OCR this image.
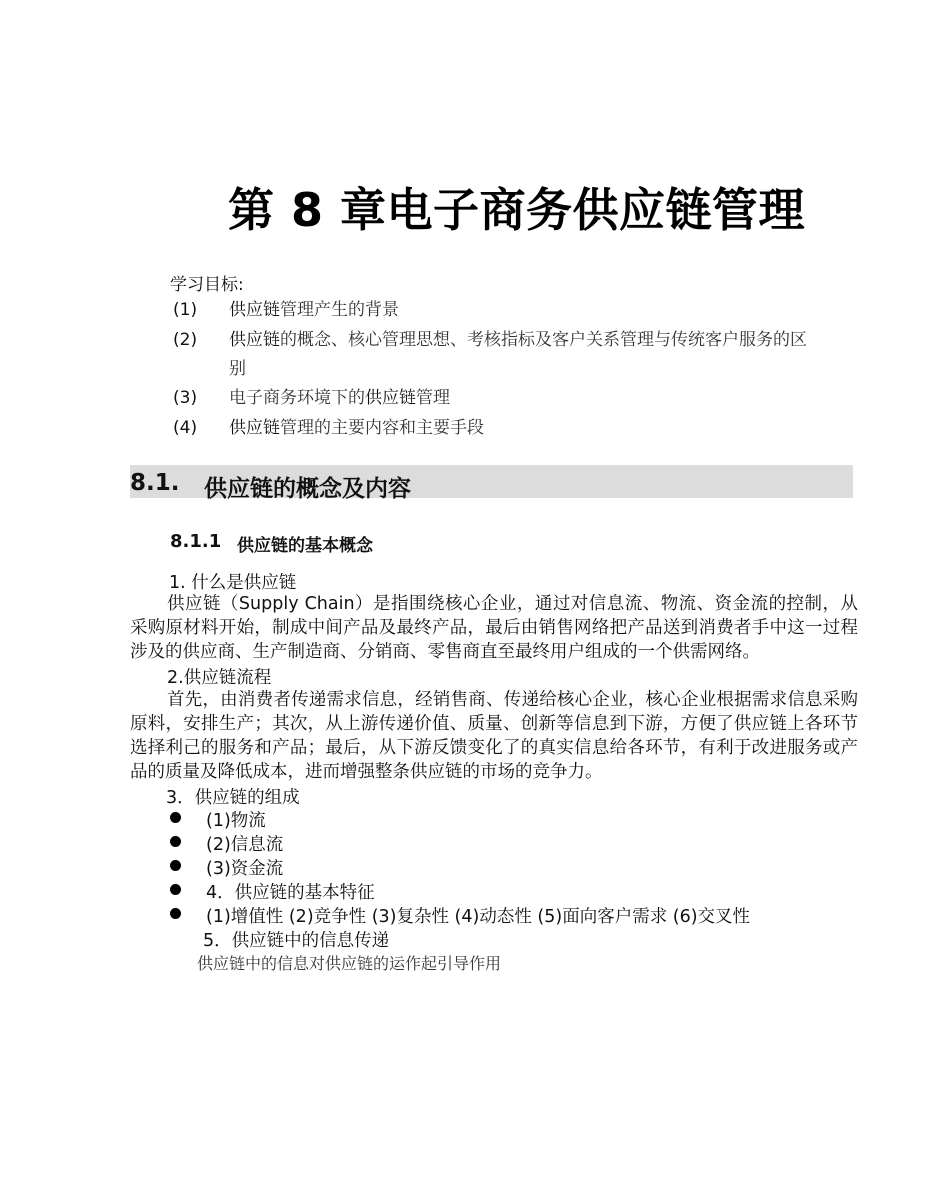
第 8 章电子商务供应链管理
学习目标:
(1) 供应链管理产生的背景
(2) 供应链的概念、核心管理思想、考核指标及客户关系管理与传统客户服务的区
别
(3) 电子商务环境下的供应链管理
(4) 供应链管理的主要内容和主要手段
8.1. 供应链的概念及内容
8.1.1 供应链的基本概念
1. 什么是供应链
供应链（Supply Chain）是指围绕核心企业，通过对信息流、物流、资金流的控制，从采购原材料开始，制成中间产品及最终产品，最后由销售网络把产品送到消费者手中这一过程涉及的供应商、生产制造商、分销商、零售商直至最终用户组成的一个供需网络。
2.供应链流程
首先，由消费者传递需求信息，经销售商、传递给核心企业，核心企业根据需求信息采购原料，安排生产；其次，从上游传递价值、质量、创新等信息到下游，方便了供应链上各环节选择利己的服务和产品；最后，从下游反馈变化了的真实信息给各环节，有利于改进服务或产品的质量及降低成本，进而增强整条供应链的市场的竞争力。
3．供应链的组成
(1)物流
(2)信息流
(3)资金流
4．供应链的基本特征
(1)增值性 (2)竞争性 (3)复杂性 (4)动态性 (5)面向客户需求 (6)交叉性
5．供应链中的信息传递
供应链中的信息对供应链的运作起引导作用
